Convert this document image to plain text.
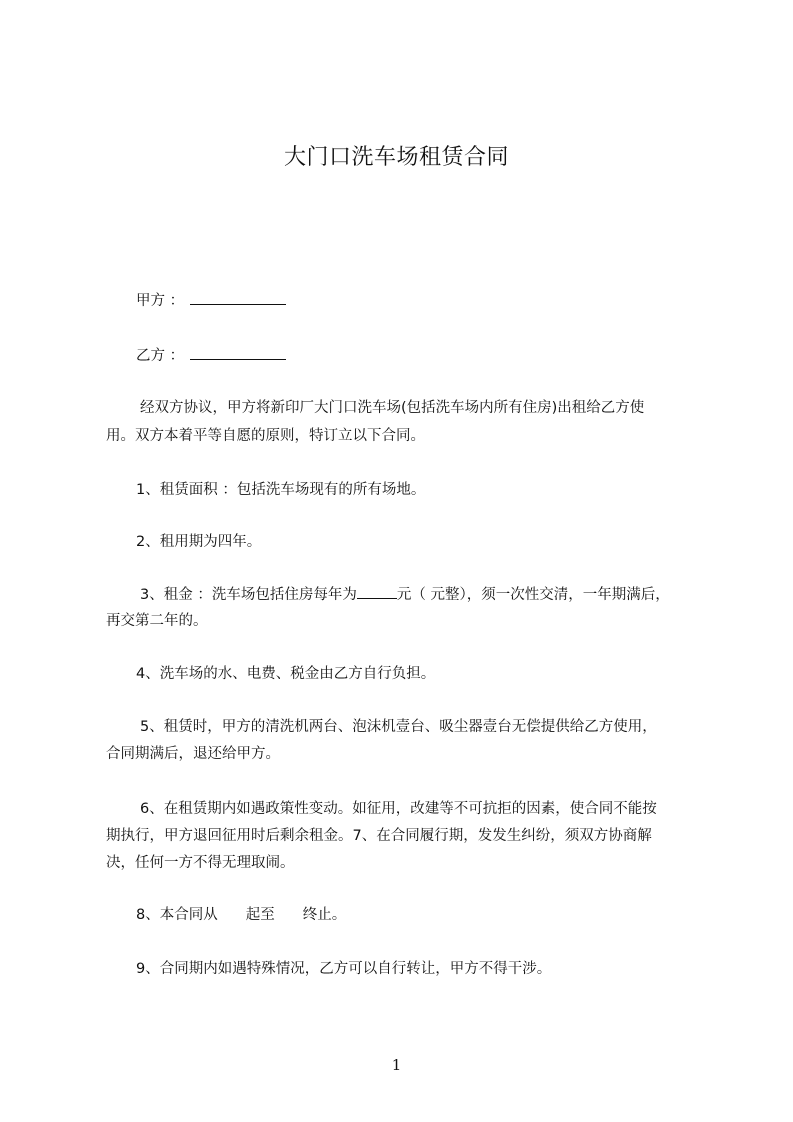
大门口洗车场租赁合同
甲方 ：
乙方 ：
经双方协议，甲方将新印厂大门口洗车场(包括洗车场内所有住房)出租给乙方使
用。双方本着平等自愿的原则，特订立以下合同。
1、租赁面积 ：包括洗车场现有的所有场地。
2、租用期为四年。
3、租金 ：洗车场包括住房每年为	元（ 元整），须一次性交清，一年期满后，
再交第二年的。
4、洗车场的水、电费、税金由乙方自行负担。
5、租赁时，甲方的清洗机两台、泡沫机壹台、吸尘器壹台无偿提供给乙方使用，
合同期满后，退还给甲方。
6、在租赁期内如遇政策性变动。如征用，改建等不可抗拒的因素，使合同不能按
期执行，甲方退回征用时后剩余租金。7、在合同履行期，发发生纠纷，须双方协商解
决，任何一方不得无理取闹。
8、本合同从 起至 终止。
9、合同期内如遇特殊情况，乙方可以自行转让，甲方不得干涉。
1
